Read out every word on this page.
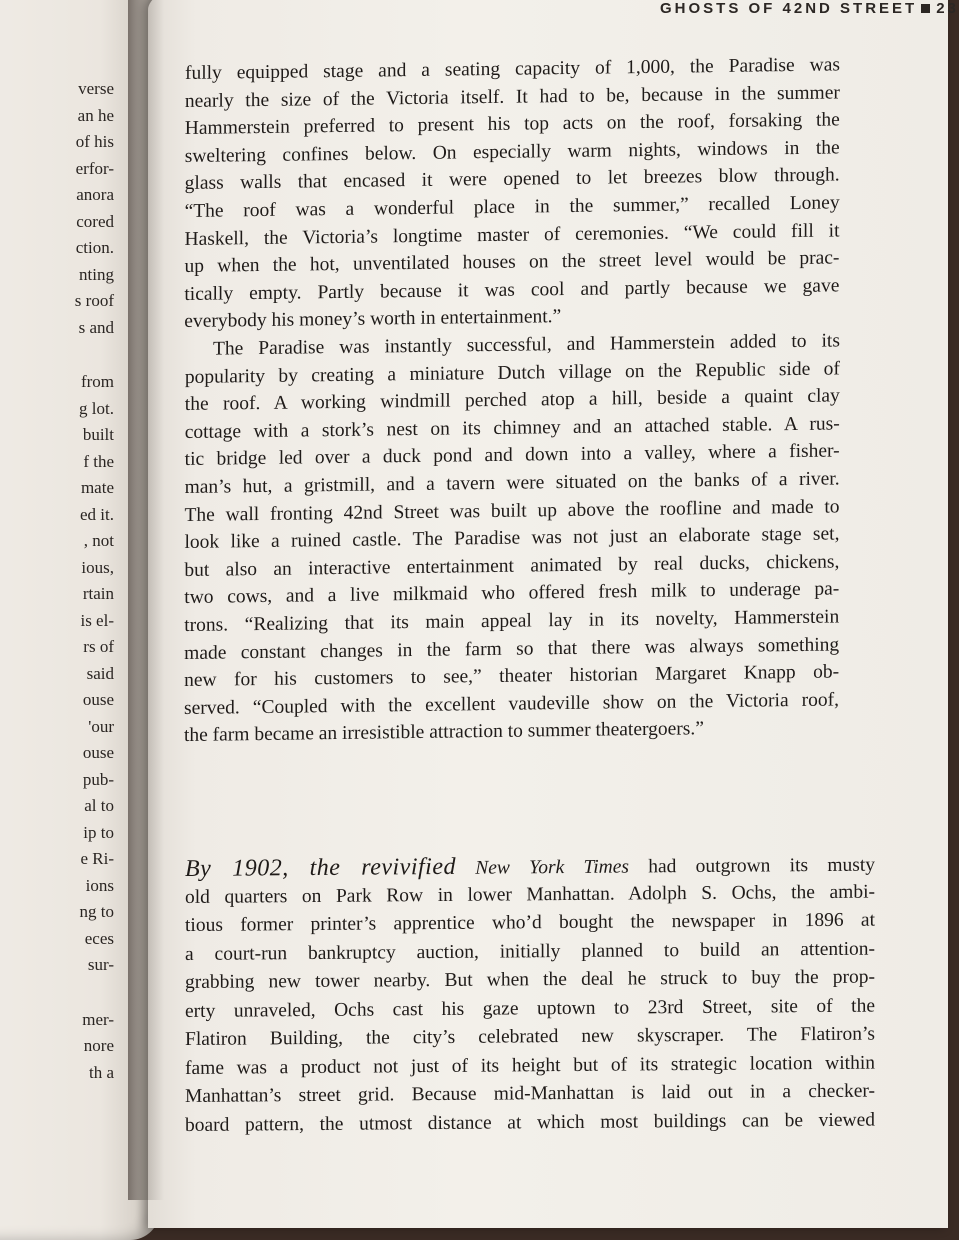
verse
an he
of his
erfor-
anora
cored
ction.
nting
s roof
s and
from
g lot.
built
f the
mate
ed it.
, not
ious,
rtain
is el-
rs of
said
ouse
'our
ouse
pub-
al to
ip to
e Ri-
ions
ng to
eces
sur-
mer-
nore
th a
GHOSTS OF 42ND STREET 23
fully equipped stage and a seating capacity of 1,000, the Paradise was
nearly the size of the Victoria itself. It had to be, because in the summer
Hammerstein preferred to present his top acts on the roof, forsaking the
sweltering confines below. On especially warm nights, windows in the
glass walls that encased it were opened to let breezes blow through.
“The roof was a wonderful place in the summer,” recalled Loney
Haskell, the Victoria’s longtime master of ceremonies. “We could fill it
up when the hot, unventilated houses on the street level would be prac-
tically empty. Partly because it was cool and partly because we gave
everybody his money’s worth in entertainment.”
The Paradise was instantly successful, and Hammerstein added to its
popularity by creating a miniature Dutch village on the Republic side of
the roof. A working windmill perched atop a hill, beside a quaint clay
cottage with a stork’s nest on its chimney and an attached stable. A rus-
tic bridge led over a duck pond and down into a valley, where a fisher-
man’s hut, a gristmill, and a tavern were situated on the banks of a river.
The wall fronting 42nd Street was built up above the roofline and made to
look like a ruined castle. The Paradise was not just an elaborate stage set,
but also an interactive entertainment animated by real ducks, chickens,
two cows, and a live milkmaid who offered fresh milk to underage pa-
trons. “Realizing that its main appeal lay in its novelty, Hammerstein
made constant changes in the farm so that there was always something
new for his customers to see,” theater historian Margaret Knapp ob-
served. “Coupled with the excellent vaudeville show on the Victoria roof,
the farm became an irresistible attraction to summer theatergoers.”
By 1902, the revivified New York Times had outgrown its musty
old quarters on Park Row in lower Manhattan. Adolph S. Ochs, the ambi-
tious former printer’s apprentice who’d bought the newspaper in 1896 at
a court-run bankruptcy auction, initially planned to build an attention-
grabbing new tower nearby. But when the deal he struck to buy the prop-
erty unraveled, Ochs cast his gaze uptown to 23rd Street, site of the
Flatiron Building, the city’s celebrated new skyscraper. The Flatiron’s
fame was a product not just of its height but of its strategic location within
Manhattan’s street grid. Because mid-Manhattan is laid out in a checker-
board pattern, the utmost distance at which most buildings can be viewed
